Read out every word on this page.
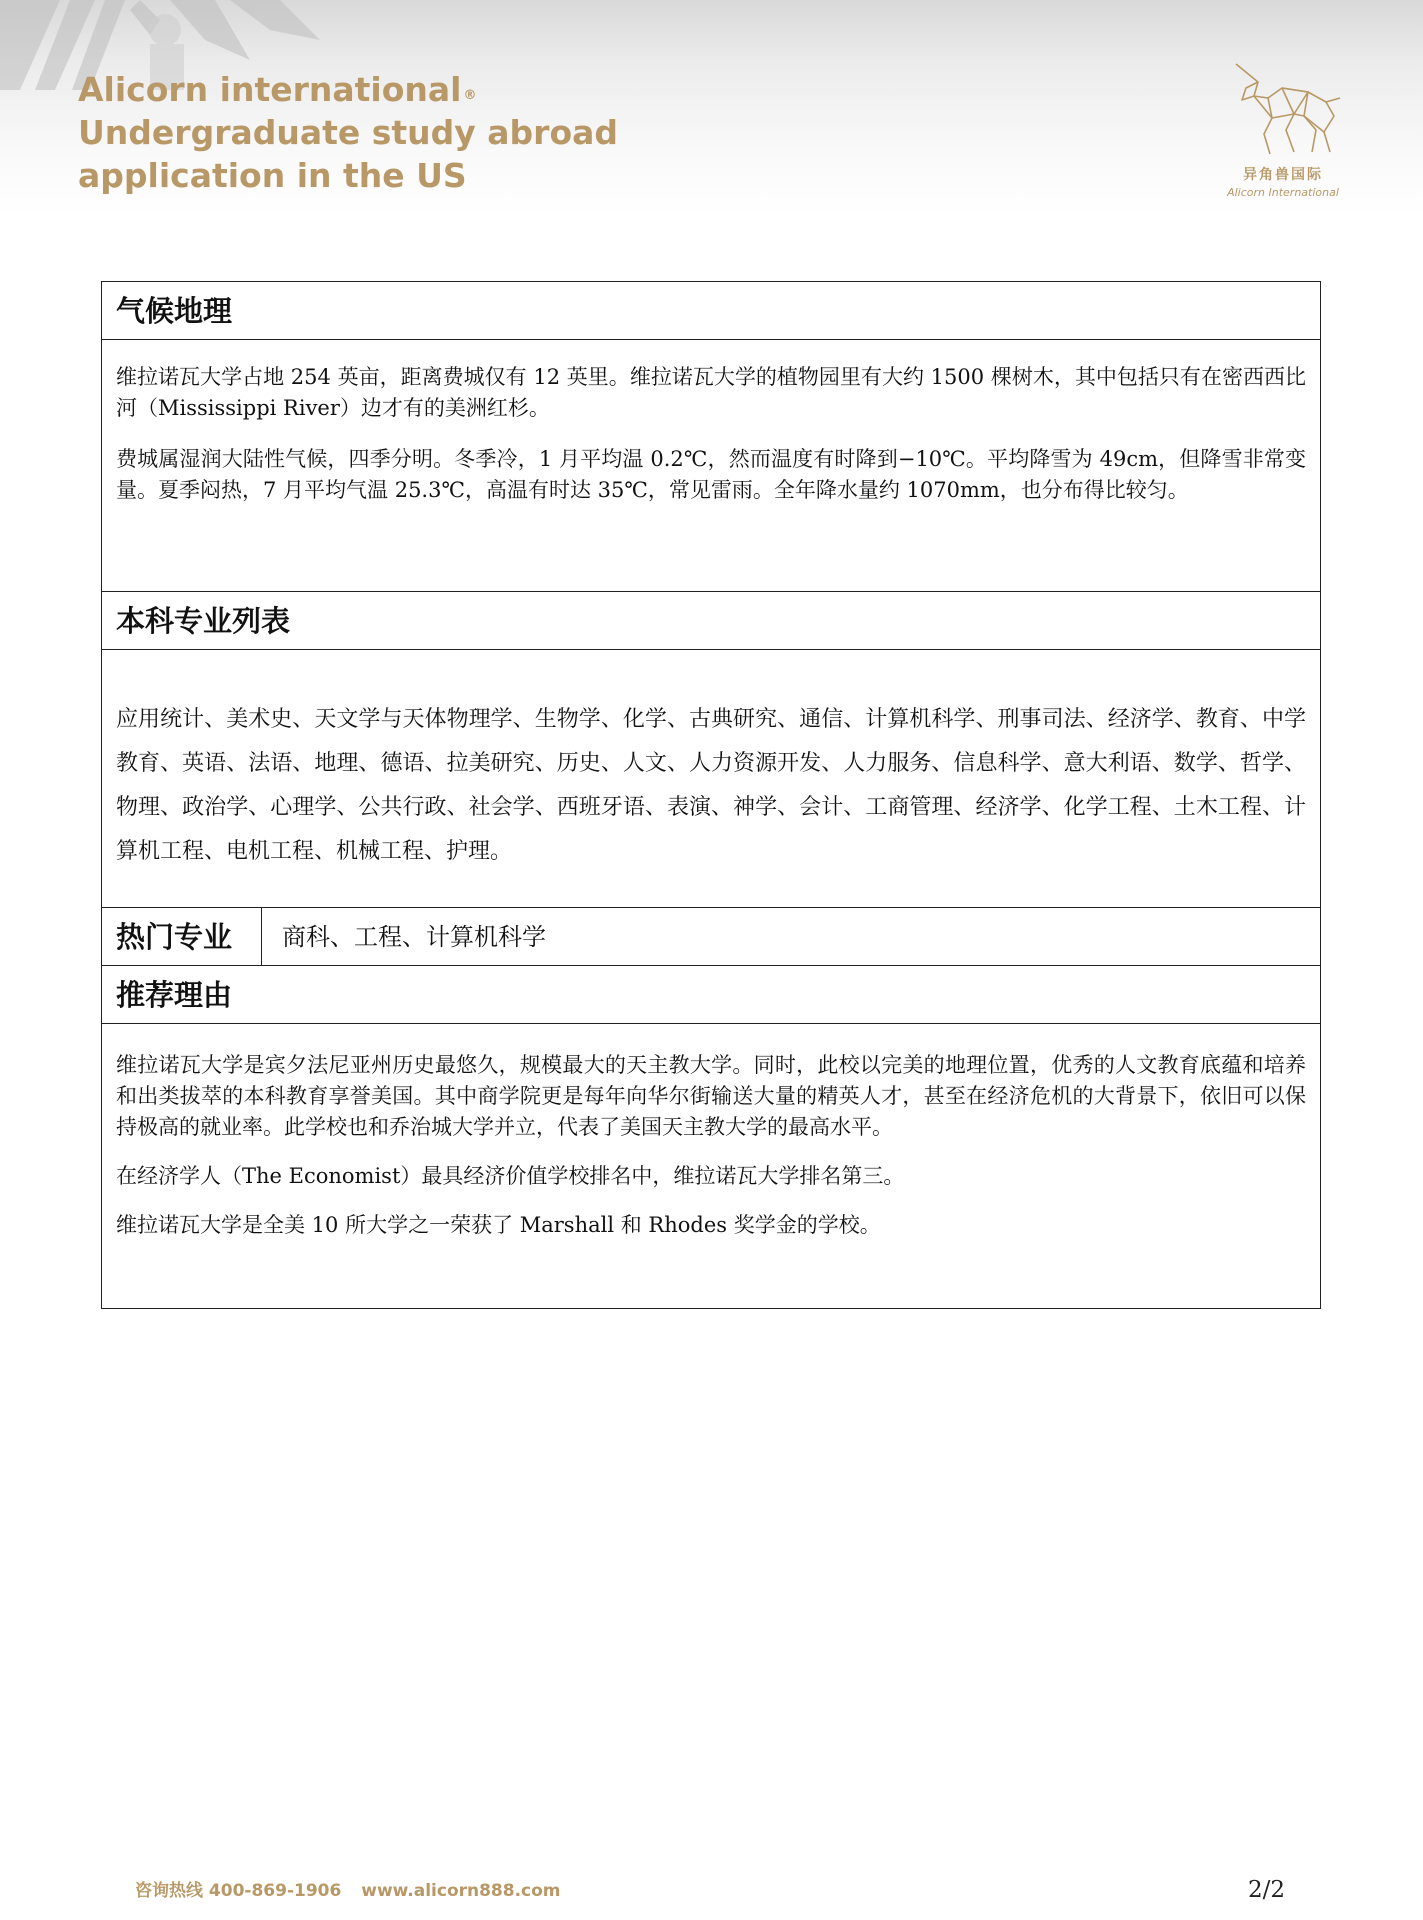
Alicorn international ®
Undergraduate study abroad
application in the US	异角兽国际
Alicorn International
气候地理

维拉诺瓦大学占地 254 英亩，距离费城仅有 12 英里。维拉诺瓦大学的植物园里有大约 1500 棵树木，其中包括只有在密西西比河（Mississippi River）边才有的美洲红杉。

费城属湿润大陆性气候，四季分明。冬季冷，1 月平均温 0.2℃，然而温度有时降到−10℃。平均降雪为 49cm，但降雪非常变量。夏季闷热，7 月平均气温 25.3℃，高温有时达 35℃，常见雷雨。全年降水量约 1070mm，也分布得比较匀。

本科专业列表

应用统计、美术史、天文学与天体物理学、生物学、化学、古典研究、通信、计算机科学、刑事司法、经济学、教育、中学教育、英语、法语、地理、德语、拉美研究、历史、人文、人力资源开发、人力服务、信息科学、意大利语、数学、哲学、物理、政治学、心理学、公共行政、社会学、西班牙语、表演、神学、会计、工商管理、经济学、化学工程、土木工程、计算机工程、电机工程、机械工程、护理。

热门专业	商科、工程、计算机科学
推荐理由

维拉诺瓦大学是宾夕法尼亚州历史最悠久，规模最大的天主教大学。同时，此校以完美的地理位置，优秀的人文教育底蕴和培养和出类拔萃的本科教育享誉美国。其中商学院更是每年向华尔街输送大量的精英人才，甚至在经济危机的大背景下，依旧可以保持极高的就业率。此学校也和乔治城大学并立，代表了美国天主教大学的最高水平。

在经济学人（The Economist）最具经济价值学校排名中，维拉诺瓦大学排名第三。

维拉诺瓦大学是全美 10 所大学之一荣获了 Marshall 和 Rhodes 奖学金的学校。

咨询热线 400-869-1906 www.alicorn888.com	2/2
